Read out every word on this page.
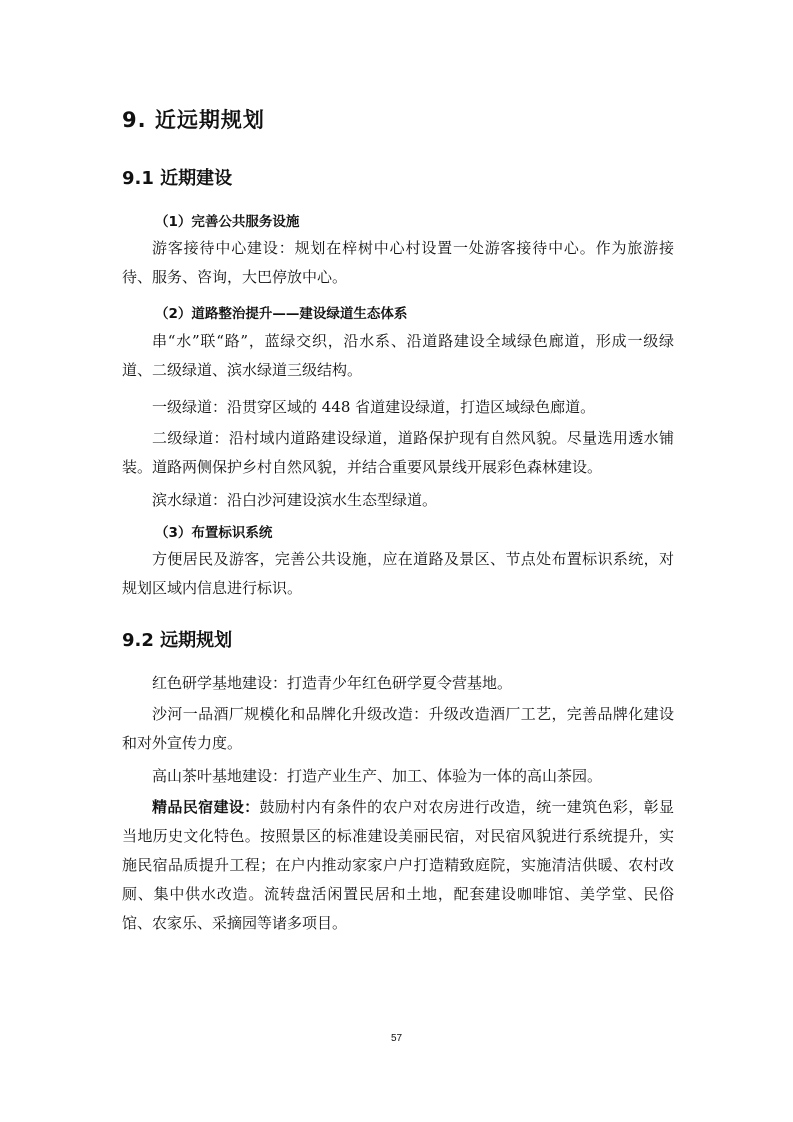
9. 近远期规划
9.1 近期建设
（1）完善公共服务设施

游客接待中心建设：规划在梓树中心村设置一处游客接待中心。作为旅游接待、服务、咨询，大巴停放中心。

（2）道路整治提升——建设绿道生态体系

串“水”联“路”，蓝绿交织，沿水系、沿道路建设全域绿色廊道，形成一级绿道、二级绿道、滨水绿道三级结构。

一级绿道：沿贯穿区域的 448 省道建设绿道，打造区域绿色廊道。

二级绿道：沿村域内道路建设绿道，道路保护现有自然风貌。尽量选用透水铺装。道路两侧保护乡村自然风貌，并结合重要风景线开展彩色森林建设。

滨水绿道：沿白沙河建设滨水生态型绿道。

（3）布置标识系统

方便居民及游客，完善公共设施，应在道路及景区、节点处布置标识系统，对规划区域内信息进行标识。

9.2 远期规划

红色研学基地建设：打造青少年红色研学夏令营基地。

沙河一品酒厂规模化和品牌化升级改造：升级改造酒厂工艺，完善品牌化建设和对外宣传力度。

高山茶叶基地建设：打造产业生产、加工、体验为一体的高山茶园。

精品民宿建设：鼓励村内有条件的农户对农房进行改造，统一建筑色彩，彰显当地历史文化特色。按照景区的标准建设美丽民宿，对民宿风貌进行系统提升，实施民宿品质提升工程；在户内推动家家户户打造精致庭院，实施清洁供暖、农村改厕、集中供水改造。流转盘活闲置民居和土地，配套建设咖啡馆、美学堂、民俗馆、农家乐、采摘园等诸多项目。

57
